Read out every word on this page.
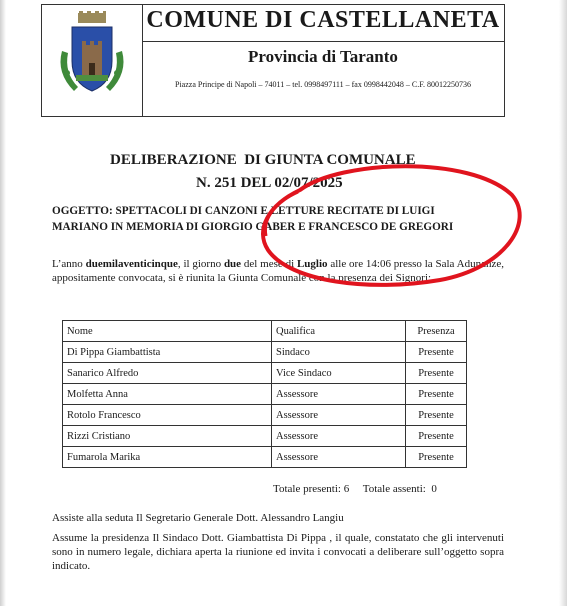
COMUNE DI CASTELLANETA
Provincia di Taranto
Piazza Principe di Napoli – 74011 – tel. 0998497111 – fax 0998442048 – C.F. 80012250736
DELIBERAZIONE  DI GIUNTA COMUNALE
N. 251 DEL 02/07/2025
OGGETTO: SPETTACOLI DI CANZONI E LETTURE RECITATE DI LUIGI
MARIANO IN MEMORIA DI GIORGIO GABER E FRANCESCO DE GREGORI
L’anno duemilaventicinque, il giorno due del mese di Luglio alle ore 14:06 presso la Sala Adunanze, appositamente convocata, si è riunita la Giunta Comunale con la presenza dei Signori:
Nome	Qualifica	Presenza
Di Pippa Giambattista	Sindaco	Presente
Sanarico Alfredo	Vice Sindaco	Presente
Molfetta Anna	Assessore	Presente
Rotolo Francesco	Assessore	Presente
Rizzi Cristiano	Assessore	Presente
Fumarola Marika	Assessore	Presente
Totale presenti: 6     Totale assenti:  0
Assiste alla seduta Il Segretario Generale Dott. Alessandro Langiu
Assume la presidenza Il Sindaco Dott. Giambattista Di Pippa , il quale, constatato che gli intervenuti sono in numero legale, dichiara aperta la riunione ed invita i convocati a deliberare sull’oggetto sopra indicato.
